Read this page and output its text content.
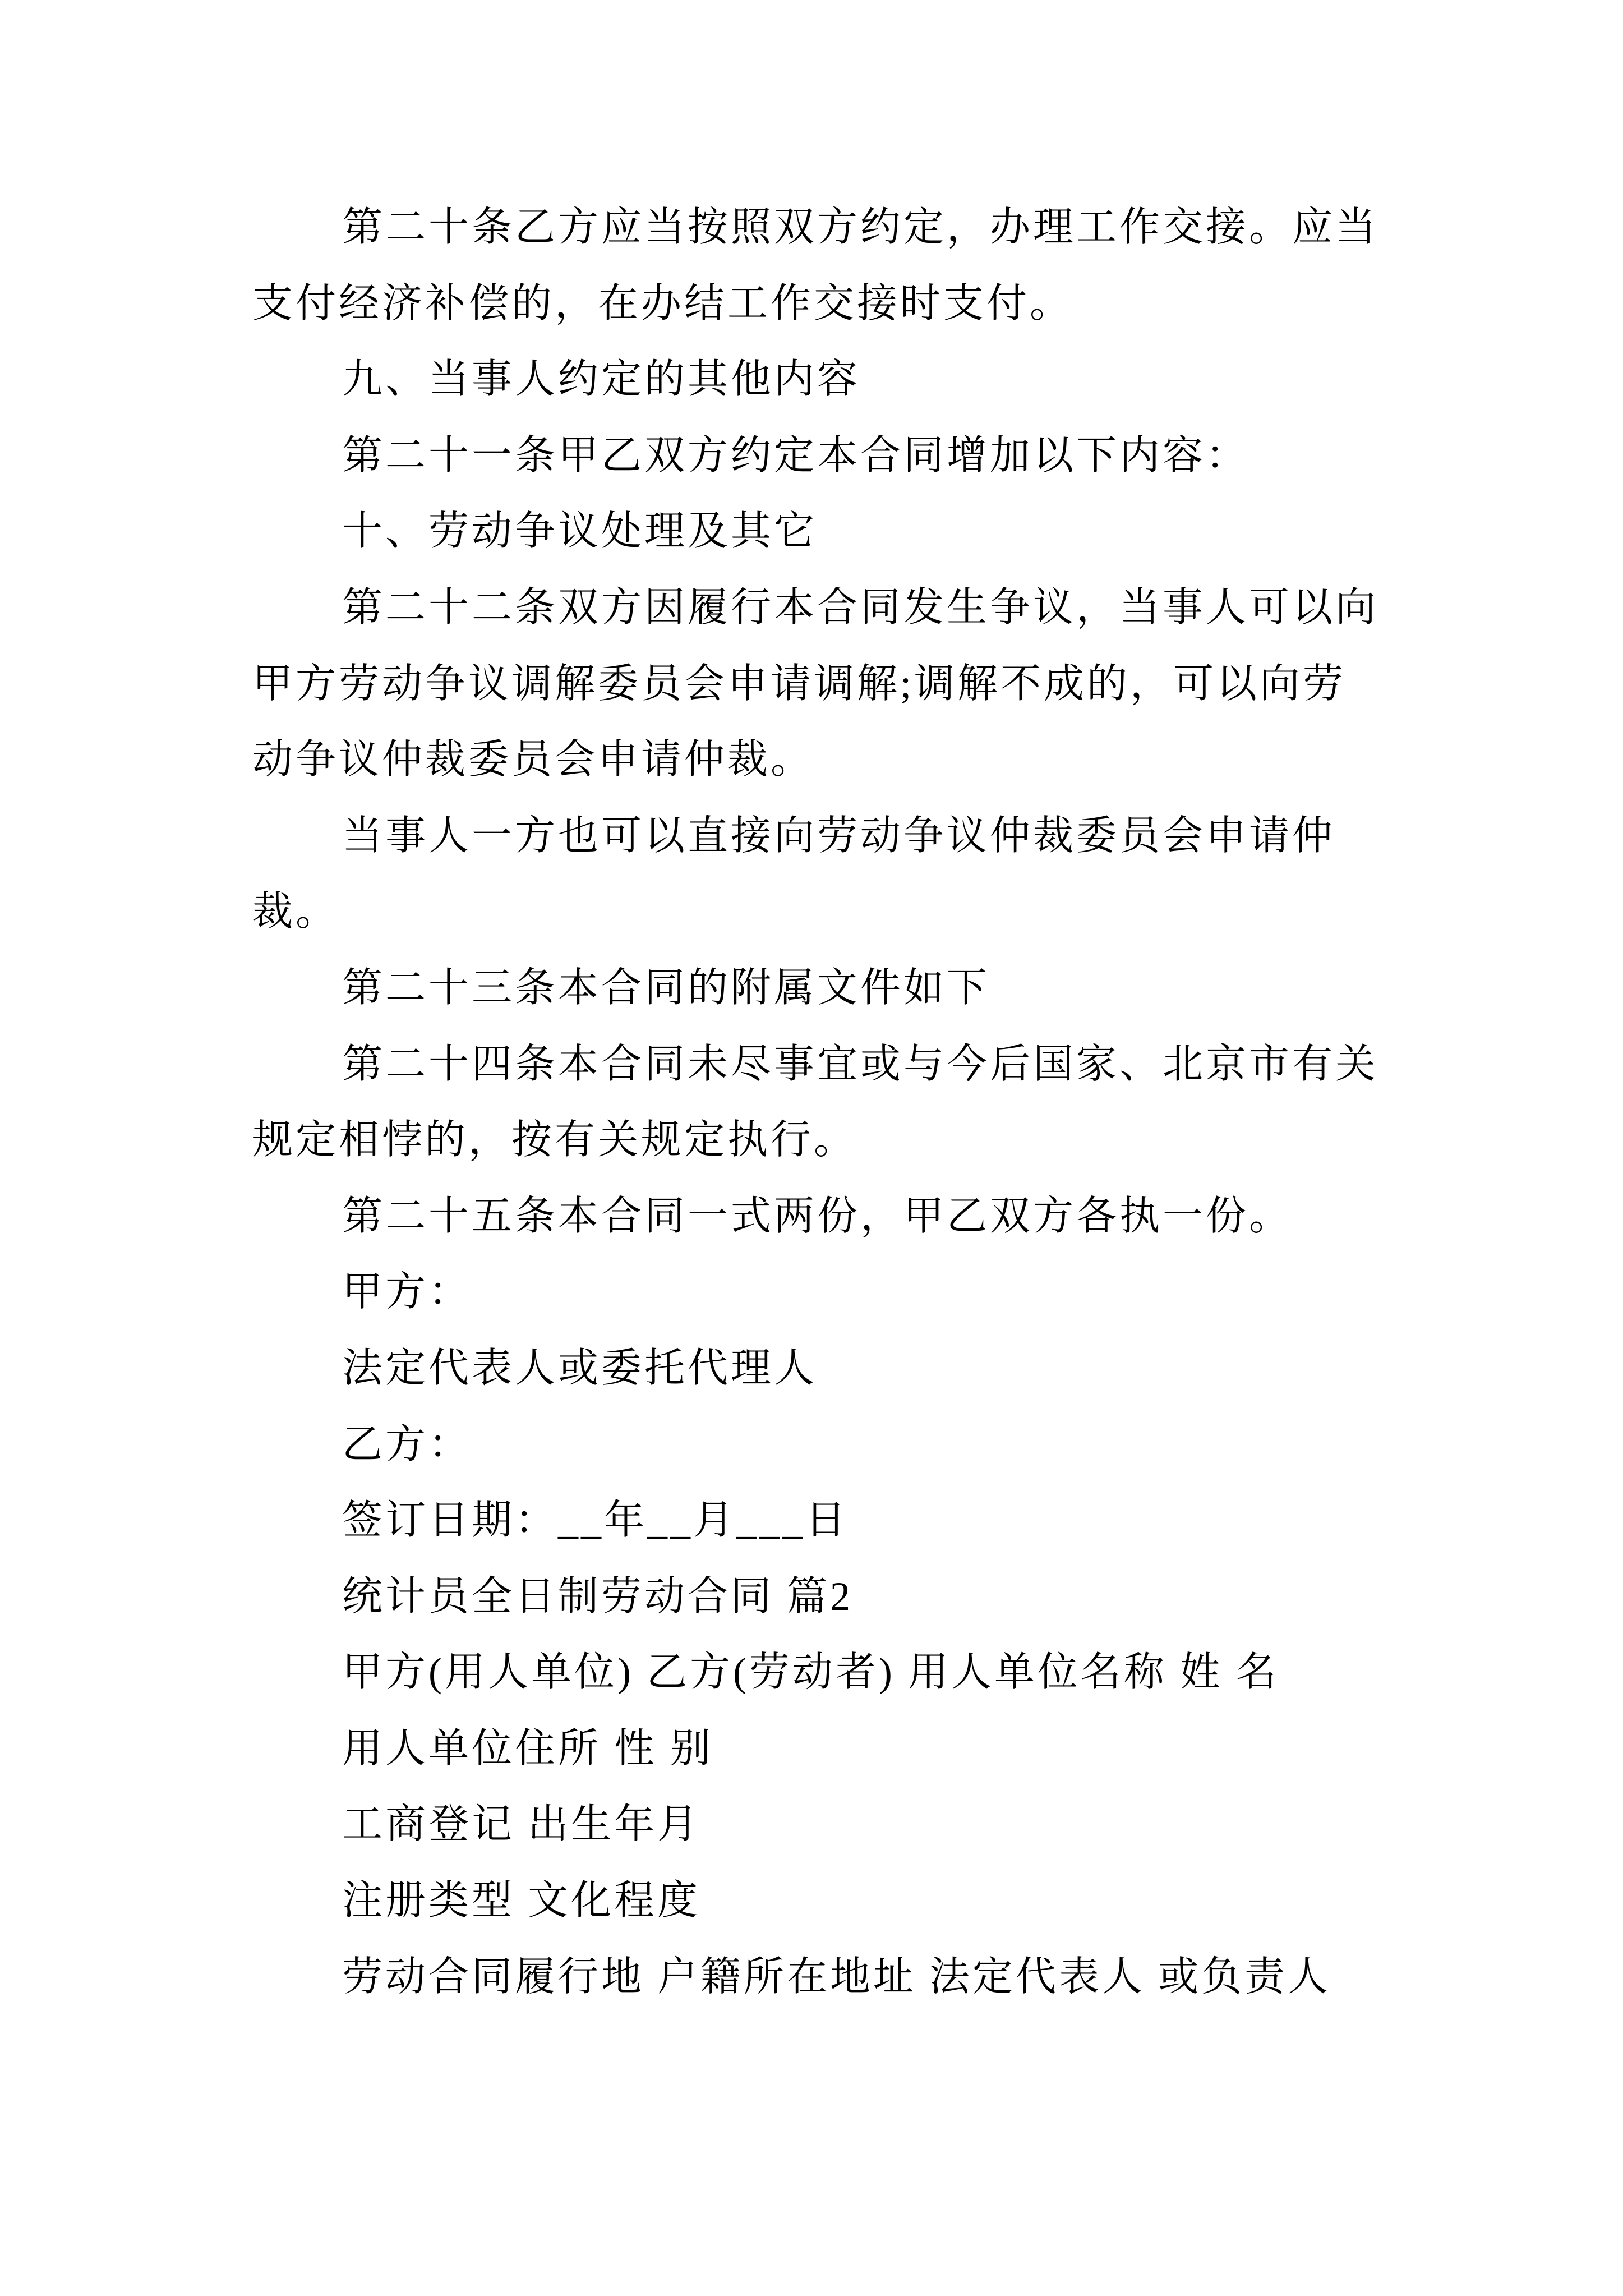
第二十条乙方应当按照双方约定，办理工作交接。应当
支付经济补偿的，在办结工作交接时支付。
九、当事人约定的其他内容
第二十一条甲乙双方约定本合同增加以下内容：
十、劳动争议处理及其它
第二十二条双方因履行本合同发生争议，当事人可以向
甲方劳动争议调解委员会申请调解;调解不成的，可以向劳
动争议仲裁委员会申请仲裁。
当事人一方也可以直接向劳动争议仲裁委员会申请仲
裁。
第二十三条本合同的附属文件如下
第二十四条本合同未尽事宜或与今后国家、北京市有关
规定相悖的，按有关规定执行。
第二十五条本合同一式两份，甲乙双方各执一份。
甲方：
法定代表人或委托代理人
乙方：
签订日期：__年__月___日
统计员全日制劳动合同 篇2
甲方(用人单位) 乙方(劳动者) 用人单位名称 姓 名
用人单位住所 性 别
工商登记 出生年月
注册类型 文化程度
劳动合同履行地 户籍所在地址 法定代表人 或负责人
